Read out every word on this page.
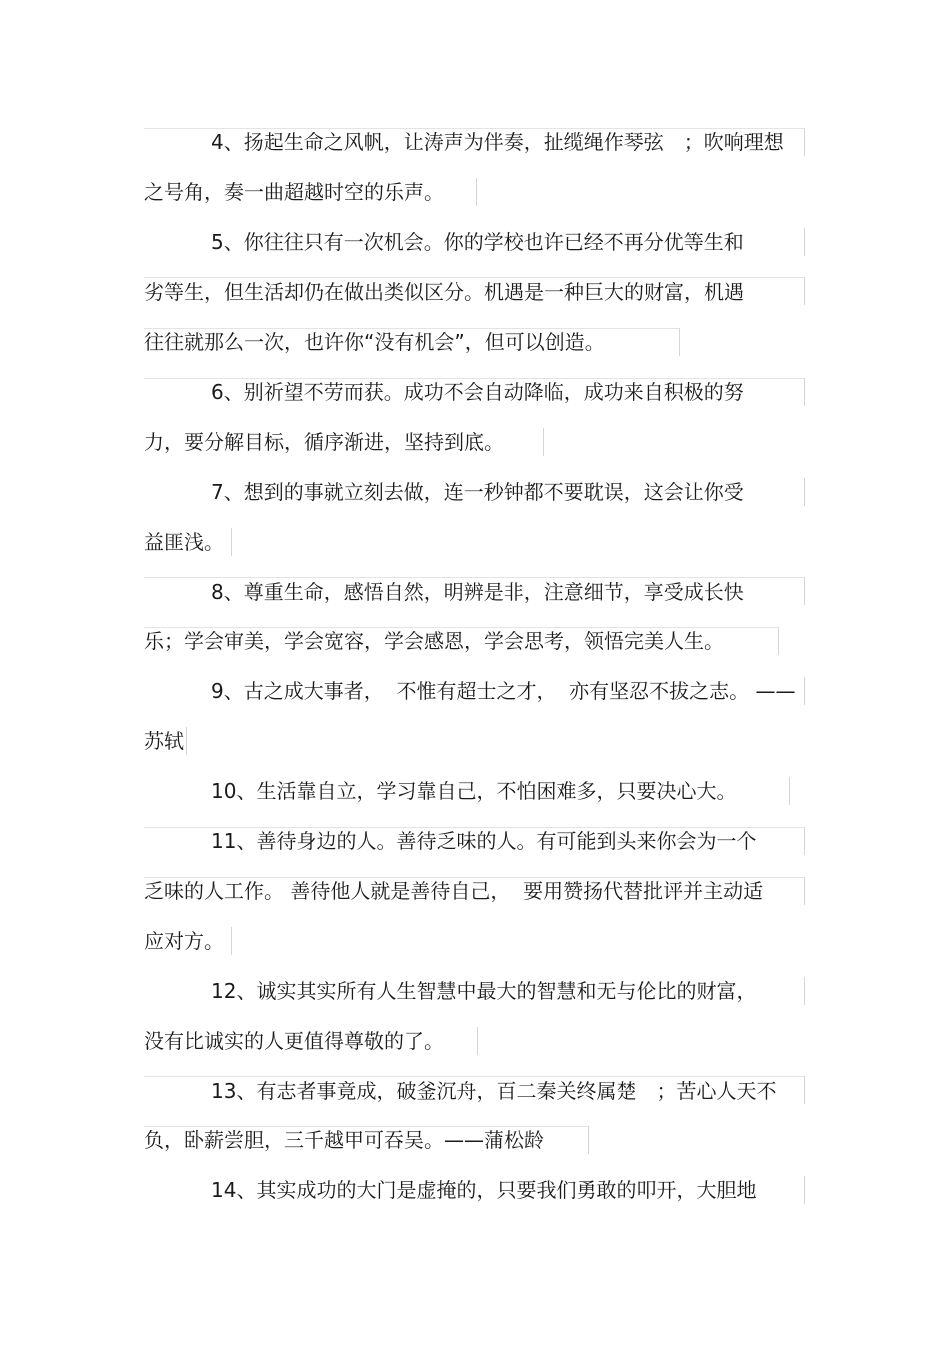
4、扬起生命之风帆，让涛声为伴奏，扯缆绳作琴弦　；吹响理想
之号角，奏一曲超越时空的乐声。
5、你往往只有一次机会。你的学校也许已经不再分优等生和
劣等生，但生活却仍在做出类似区分。机遇是一种巨大的财富，机遇
往往就那么一次，也许你“没有机会”，但可以创造。
6、别祈望不劳而获。成功不会自动降临，成功来自积极的努
力，要分解目标，循序渐进，坚持到底。
7、想到的事就立刻去做，连一秒钟都不要耽误，这会让你受
益匪浅。
8、尊重生命，感悟自然，明辨是非，注意细节，享受成长快
乐；学会审美，学会宽容，学会感恩，学会思考，领悟完美人生。
9、古之成大事者，  不惟有超士之才，  亦有坚忍不拔之志。 ——
苏轼
10、生活靠自立，学习靠自己，不怕困难多，只要决心大。
11、善待身边的人。善待乏味的人。有可能到头来你会为一个
乏味的人工作。 善待他人就是善待自己，  要用赞扬代替批评并主动适
应对方。
12、诚实其实所有人生智慧中最大的智慧和无与伦比的财富，
没有比诚实的人更值得尊敬的了。
13、有志者事竟成，破釜沉舟，百二秦关终属楚　；苦心人天不
负，卧薪尝胆，三千越甲可吞吴。——蒲松龄
14、其实成功的大门是虚掩的，只要我们勇敢的叩开，大胆地
